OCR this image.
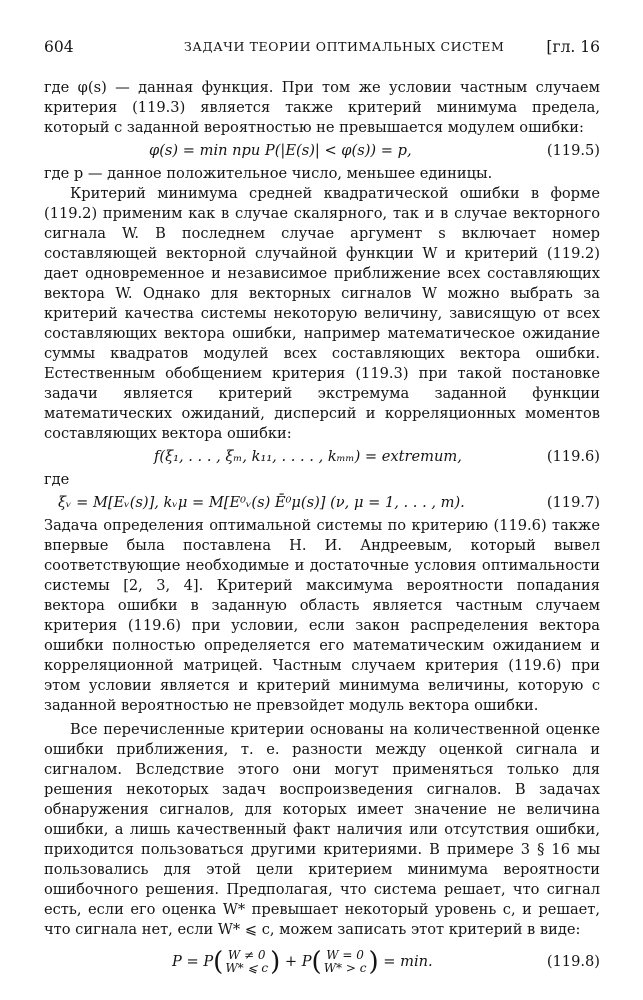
604	ЗАДАЧИ ТЕОРИИ ОПТИМАЛЬНЫХ СИСТЕМ	[гл. 16

где φ(s) — данная функция. При том же условии частным случаем критерия (119.3) является также критерий минимума предела, который с заданной вероятностью не превышается модулем ошибки:

φ(s) = min при P(|E(s)| < φ(s)) = p,	(119.5)

где p — данное положительное число, меньшее единицы.

Критерий минимума средней квадратической ошибки в форме (119.2) применим как в случае скалярного, так и в случае векторного сигнала W. В последнем случае аргумент s включает номер составляющей векторной случайной функции W и критерий (119.2) дает одновременное и независимое приближение всех составляющих вектора W. Однако для векторных сигналов W можно выбрать за критерий качества системы некоторую величину, зависящую от всех составляющих вектора ошибки, например математическое ожидание суммы квадратов модулей всех составляющих вектора ошибки. Естественным обобщением критерия (119.3) при такой постановке задачи является критерий экстремума заданной функции математических ожиданий, дисперсий и корреляционных моментов составляющих вектора ошибки:

f(ξ₁, . . . , ξₘ, k₁₁, . . . . , kₘₘ) = extremum,	(119.6)

где

ξᵥ = M[Eᵥ(s)], kᵥμ = M[E⁰ᵥ(s) Ē⁰μ(s)] (ν, μ = 1, . . . , m).	(119.7)

Задача определения оптимальной системы по критерию (119.6) также впервые была поставлена Н. И. Андреевым, который вывел соответствующие необходимые и достаточные условия оптимальности системы [2, 3, 4]. Критерий максимума вероятности попадания вектора ошибки в заданную область является частным случаем критерия (119.6) при условии, если закон распределения вектора ошибки полностью определяется его математическим ожиданием и корреляционной матрицей. Частным случаем критерия (119.6) при этом условии является и критерий минимума величины, которую с заданной вероятностью не превзойдет модуль вектора ошибки.

Все перечисленные критерии основаны на количественной оценке ошибки приближения, т. е. разности между оценкой сигнала и сигналом. Вследствие этого они могут применяться только для решения некоторых задач воспроизведения сигналов. В задачах обнаружения сигналов, для которых имеет значение не величина ошибки, а лишь качественный факт наличия или отсутствия ошибки, приходится пользоваться другими критериями. В примере 3 § 16 мы пользовались для этой цели критерием минимума вероятности ошибочного решения. Предполагая, что система решает, что сигнал есть, если его оценка W* превышает некоторый уровень c, и решает, что сигнала нет, если W* ⩽ c, можем записать этот критерий в виде:

P = P( W ≠ 0
W* ⩽ c ) + P( W = 0
W* > c ) = min.	(119.8)
